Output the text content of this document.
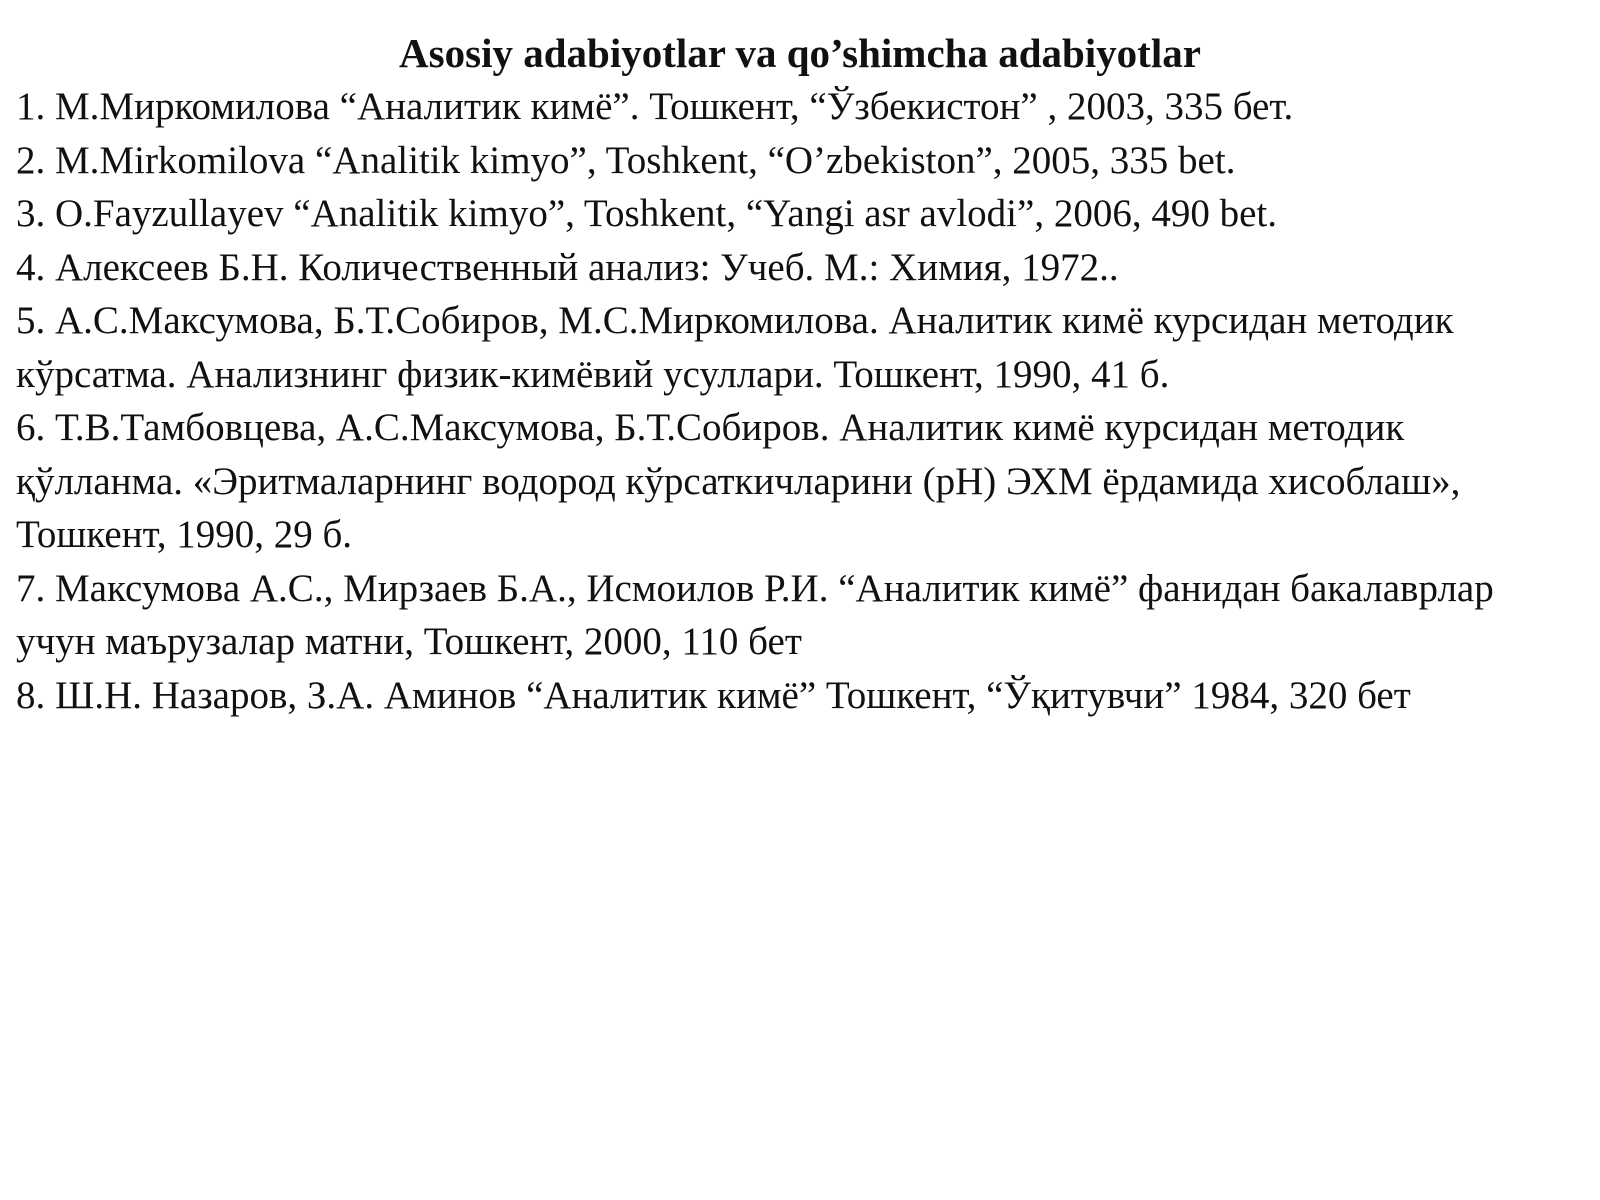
Asosiy adabiyotlar va qo’shimcha adabiyotlar
1. М.Миркомилова “Аналитик кимё”. Тошкент, “Ўзбекистон” , 2003, 335 бет.
2. M.Mirkomilova “Analitik kimyo”, Toshkent, “O’zbekiston”, 2005, 335 bet.
3. O.Fayzullayev “Analitik kimyo”, Toshkent, “Yangi asr avlodi”, 2006, 490 bet.
4. Алексеев Б.Н. Количественный анализ: Учеб. М.: Химия, 1972..
5. А.С.Максумова, Б.Т.Собиров, М.С.Миркомилова. Аналитик кимё курсидан методик кўрсатма. Анализнинг физик-кимёвий усуллари. Тошкент, 1990, 41 б.
6. Т.В.Тамбовцева, А.С.Максумова, Б.Т.Собиров. Аналитик кимё курсидан методик қўлланма. «Эритмаларнинг водород кўрсаткичларини (рН) ЭХМ ёрдамида хисоблаш», Тошкент, 1990, 29 б.
7. Максумова А.С., Мирзаев Б.А., Исмоилов Р.И. “Аналитик кимё” фанидан бакалаврлар учун маърузалар матни, Тошкент, 2000, 110 бет
8. Ш.Н. Назаров, З.А. Аминов “Аналитик кимё” Тошкент, “Ўқитувчи” 1984, 320 бет
